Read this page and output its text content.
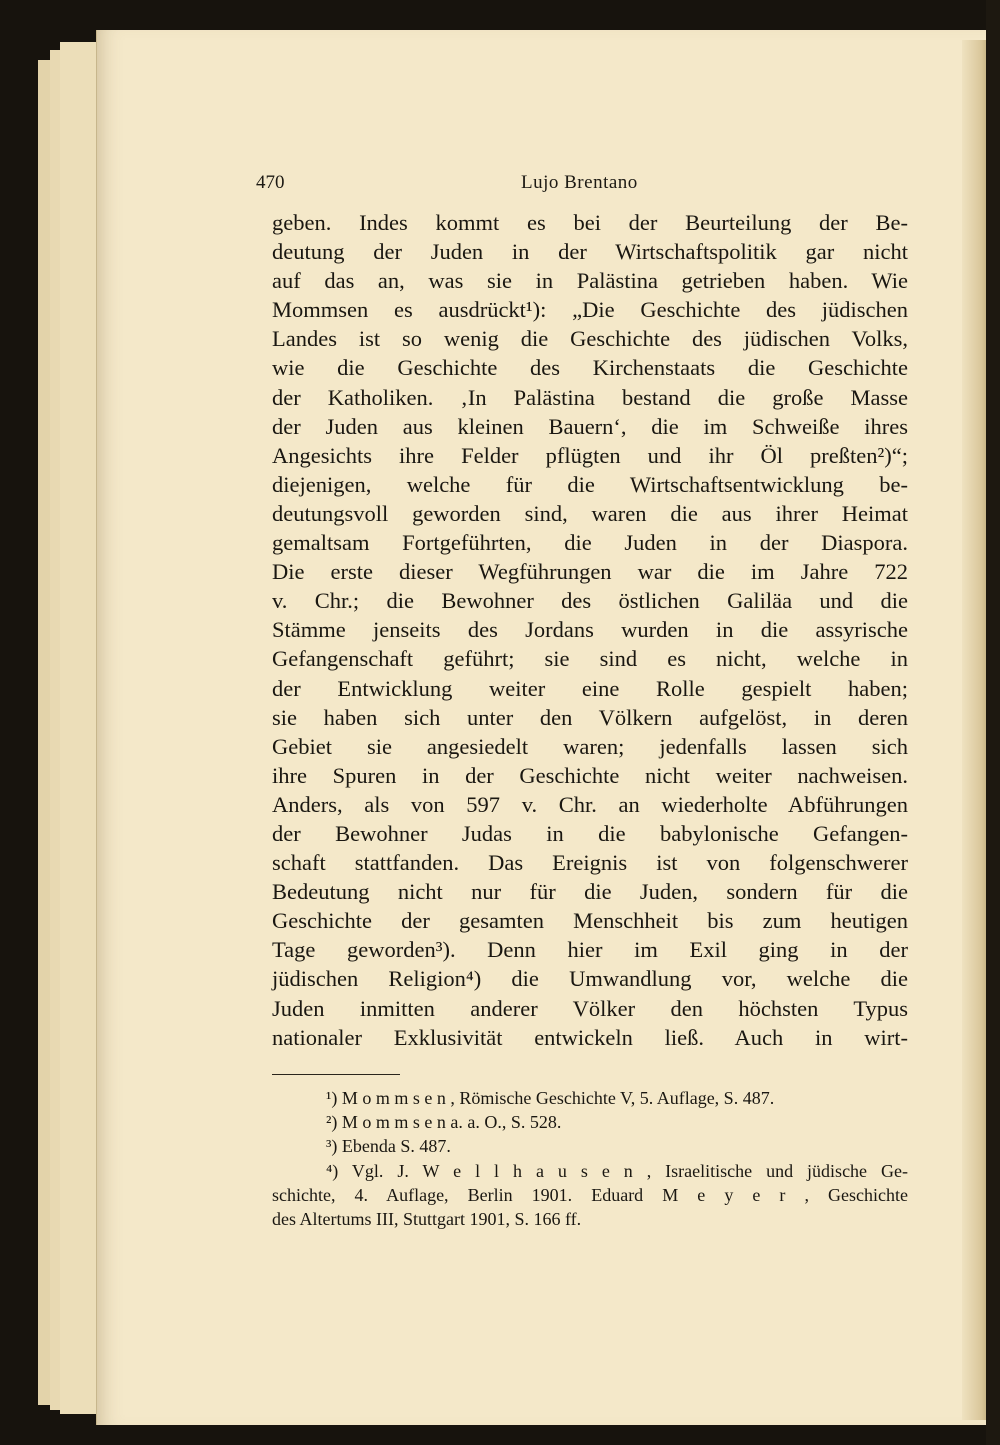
470	Lujo Brentano
geben. Indes kommt es bei der Beurteilung der Be-
deutung der Juden in der Wirtschaftspolitik gar nicht
auf das an, was sie in Palästina getrieben haben. Wie
Mommsen es ausdrückt¹): „Die Geschichte des jüdischen
Landes ist so wenig die Geschichte des jüdischen Volks,
wie die Geschichte des Kirchenstaats die Geschichte
der Katholiken. ‚In Palästina bestand die große Masse
der Juden aus kleinen Bauern‘, die im Schweiße ihres
Angesichts ihre Felder pflügten und ihr Öl preßten²)“;
diejenigen, welche für die Wirtschaftsentwicklung be-
deutungsvoll geworden sind, waren die aus ihrer Heimat
gemaltsam Fortgeführten, die Juden in der Diaspora.
Die erste dieser Wegführungen war die im Jahre 722
v. Chr.; die Bewohner des östlichen Galiläa und die
Stämme jenseits des Jordans wurden in die assyrische
Gefangenschaft geführt; sie sind es nicht, welche in
der Entwicklung weiter eine Rolle gespielt haben;
sie haben sich unter den Völkern aufgelöst, in deren
Gebiet sie angesiedelt waren; jedenfalls lassen sich
ihre Spuren in der Geschichte nicht weiter nachweisen.
Anders, als von 597 v. Chr. an wiederholte Abführungen
der Bewohner Judas in die babylonische Gefangen-
schaft stattfanden. Das Ereignis ist von folgenschwerer
Bedeutung nicht nur für die Juden, sondern für die
Geschichte der gesamten Menschheit bis zum heutigen
Tage geworden³). Denn hier im Exil ging in der
jüdischen Religion⁴) die Umwandlung vor, welche die
Juden inmitten anderer Völker den höchsten Typus
nationaler Exklusivität entwickeln ließ. Auch in wirt-
¹) M o m m s e n , Römische Geschichte V, 5. Auflage, S. 487.
²) M o m m s e n a. a. O., S. 528.
³) Ebenda S. 487.
⁴) Vgl. J. W e l l h a u s e n , Israelitische und jüdische Ge-
schichte, 4. Auflage, Berlin 1901. Eduard M e y e r , Geschichte
des Altertums III, Stuttgart 1901, S. 166 ff.
